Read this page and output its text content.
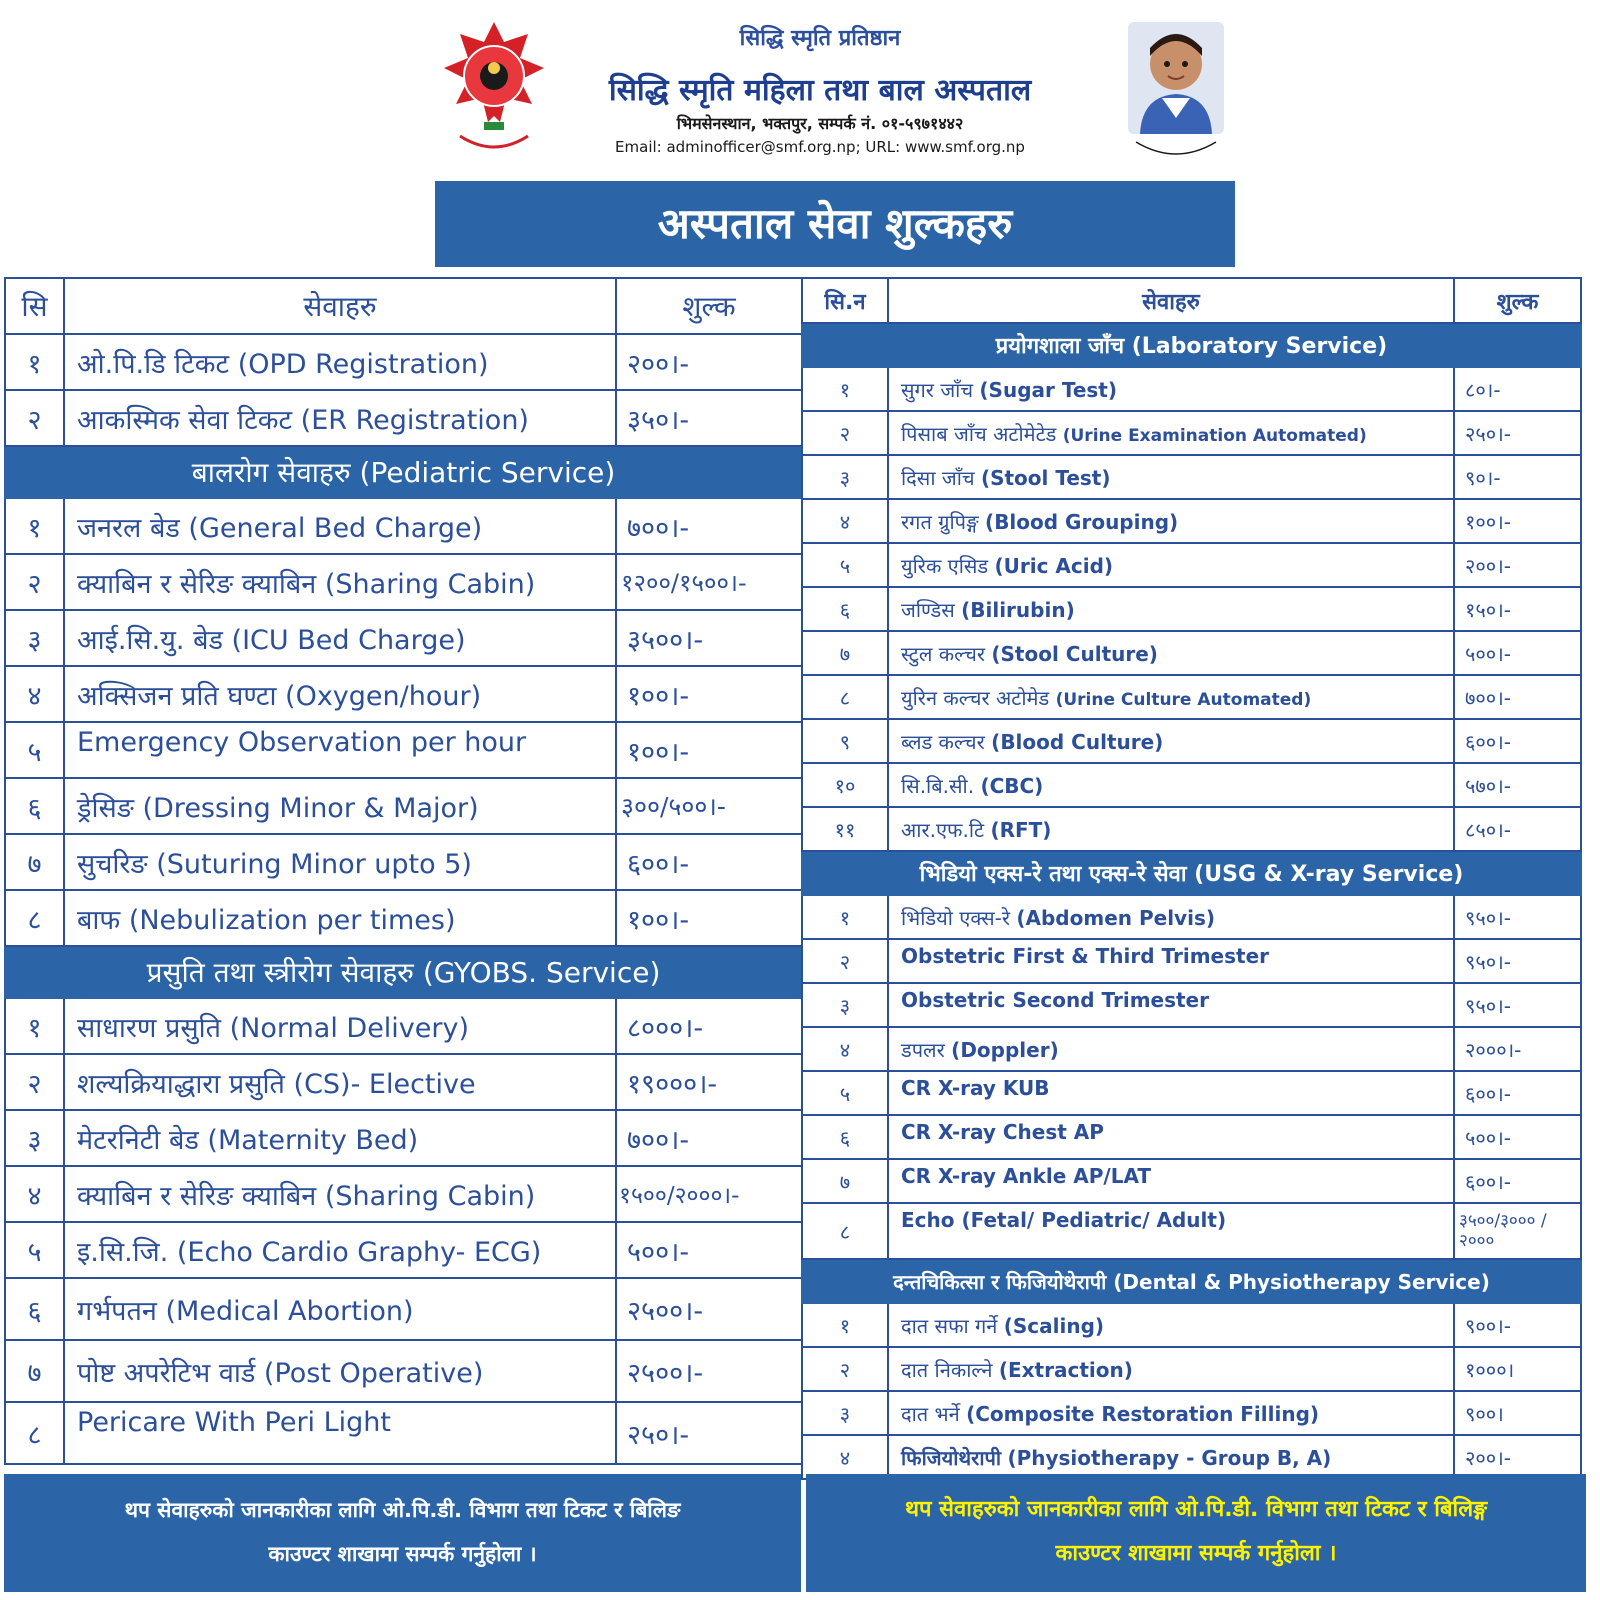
सिद्धि स्मृति प्रतिष्ठान
सिद्धि स्मृति महिला तथा बाल अस्पताल
भिमसेनस्थान, भक्तपुर, सम्पर्क नं. ०१-५९७१४४२
Email: adminofficer@smf.org.np; URL: www.smf.org.np
अस्पताल सेवा शुल्कहरु
सि	सेवाहरु	शुल्क
१	ओ.पि.डि टिकट (OPD Registration)	२००।-
२	आकस्मिक सेवा टिकट (ER Registration)	३५०।-
बालरोग सेवाहरु (Pediatric Service)		
१	जनरल बेड (General Bed Charge)	७००।-
२	क्याबिन र सेरिङ क्याबिन (Sharing Cabin)	१२००/१५००।-
३	आई.सि.यु. बेड (ICU Bed Charge)	३५००।-
४	अक्सिजन प्रति घण्टा (Oxygen/hour)	१००।-
५	Emergency Observation per hour	१००।-
६	ड्रेसिङ (Dressing Minor & Major)	३००/५००।-
७	सुचरिङ (Suturing Minor upto 5)	६००।-
८	बाफ (Nebulization per times)	१००।-
प्रसुति तथा स्त्रीरोग सेवाहरु (GYOBS. Service)		
१	साधारण प्रसुति (Normal Delivery)	८०००।-
२	शल्यक्रियाद्धारा प्रसुति (CS)- Elective	१९०००।-
३	मेटरनिटी बेड (Maternity Bed)	७००।-
४	क्याबिन र सेरिङ क्याबिन (Sharing Cabin)	१५००/२०००।-
५	इ.सि.जि. (Echo Cardio Graphy- ECG)	५००।-
६	गर्भपतन (Medical Abortion)	२५००।-
७	पोष्ट अपरेटिभ वार्ड (Post Operative)	२५००।-
८	Pericare With Peri Light	२५०।-
सि.न	सेवाहरु	शुल्क
प्रयोगशाला जाँच (Laboratory Service)		
१	सुगर जाँच (Sugar Test)	८०।-
२	पिसाब जाँच अटोमेटेड (Urine Examination Automated)	२५०।-
३	दिसा जाँच (Stool Test)	९०।-
४	रगत ग्रुपिङ्ग (Blood Grouping)	१००।-
५	युरिक एसिड (Uric Acid)	२००।-
६	जण्डिस (Bilirubin)	१५०।-
७	स्टुल कल्चर (Stool Culture)	५००।-
८	युरिन कल्चर अटोमेड (Urine Culture Automated)	७००।-
९	ब्लड कल्चर (Blood Culture)	६००।-
१०	सि.बि.सी. (CBC)	५७०।-
११	आर.एफ.टि (RFT)	८५०।-
भिडियो एक्स-रे तथा एक्स-रे सेवा (USG & X-ray Service)		
१	भिडियो एक्स-रे (Abdomen Pelvis)	९५०।-
२	Obstetric First & Third Trimester	९५०।-
३	Obstetric Second Trimester	९५०।-
४	डपलर (Doppler)	२०००।-
५	CR X-ray KUB	६००।-
६	CR X-ray Chest AP	५००।-
७	CR X-ray Ankle AP/LAT	६००।-
८	Echo (Fetal/ Pediatric/ Adult)	३५००/३००० /२०००
दन्तचिकित्सा र फिजियोथेरापी (Dental & Physiotherapy Service)		
१	दात सफा गर्ने (Scaling)	९००।-
२	दात निकाल्ने (Extraction)	१०००।
३	दात भर्ने (Composite Restoration Filling)	९००।
४	फिजियोथेरापी (Physiotherapy - Group B, A)	२००।-
थप सेवाहरुको जानकारीका लागि ओ.पि.डी. विभाग तथा टिकट र बिलिङ
काउण्टर शाखामा सम्पर्क गर्नुहोला ।
थप सेवाहरुको जानकारीका लागि ओ.पि.डी. विभाग तथा टिकट र बिलिङ्ग
काउण्टर शाखामा सम्पर्क गर्नुहोला ।
